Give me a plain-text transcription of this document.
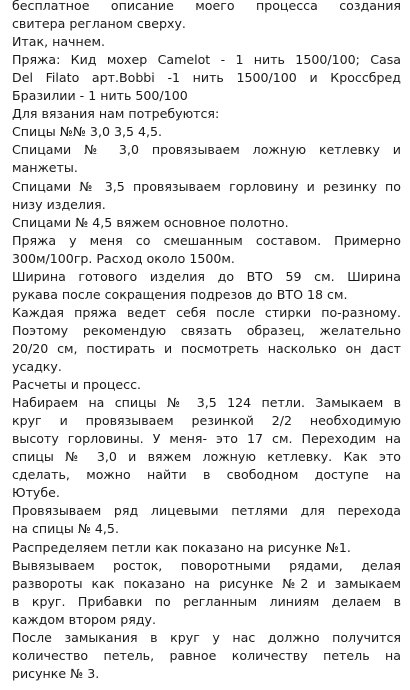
бесплатное описание моего процесса создания
свитера регланом сверху.
Итак, начнем.
Пряжа: Кид мохер Camelot - 1 нить 1500/100; Casa
Del Filato арт.Bobbi -1 нить 1500/100 и Кроссбред
Бразилии - 1 нить 500/100
Для вязания нам потребуются:
Спицы №№ 3,0 3,5 4,5.
Спицами № 3,0 провязываем ложную кетлевку и
манжеты.
Спицами № 3,5 провязываем горловину и резинку по
низу изделия.
Спицами № 4,5 вяжем основное полотно.
Пряжа у меня со смешанным составом. Примерно
300м/100гр. Расход около 1500м.
Ширина готового изделия до ВТО 59 см. Ширина
рукава после сокращения подрезов до ВТО 18 см.
Каждая пряжа ведет себя после стирки по-разному.
Поэтому рекомендую связать образец, желательно
20/20 см, постирать и посмотреть насколько он даст
усадку.
Расчеты и процесс.
Набираем на спицы № 3,5 124 петли. Замыкаем в
круг и провязываем резинкой 2/2 необходимую
высоту горловины. У меня- это 17 см. Переходим на
спицы № 3,0 и вяжем ложную кетлевку. Как это
сделать, можно найти в свободном доступе на
Ютубе.
Провязываем ряд лицевыми петлями для перехода
на спицы № 4,5.
Распределяем петли как показано на рисунке №1.
Вывязываем росток, поворотными рядами, делая
развороты как показано на рисунке №2 и замыкаем
в круг. Прибавки по регланным линиям делаем в
каждом втором ряду.
После замыкания в круг у нас должно получится
количество петель, равное количеству петель на
рисунке № 3.
